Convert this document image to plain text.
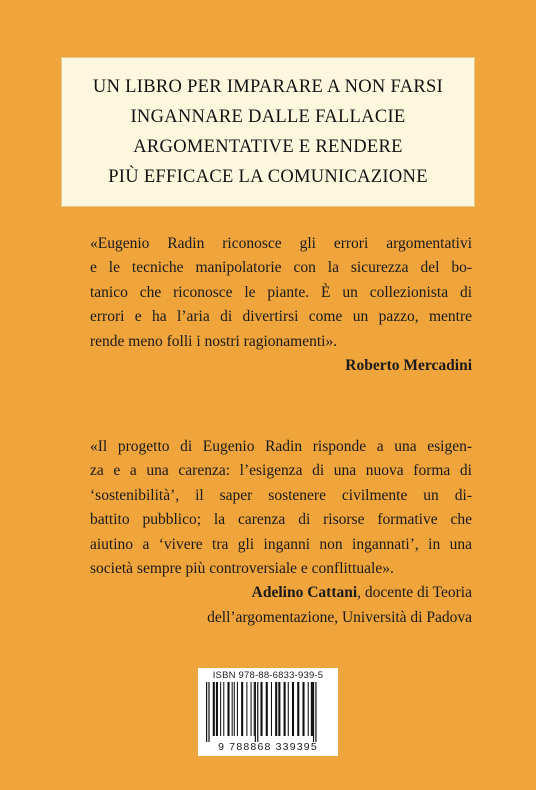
UN LIBRO PER IMPARARE A NON FARSI
INGANNARE DALLE FALLACIE
ARGOMENTATIVE E RENDERE
PIÙ EFFICACE LA COMUNICAZIONE
«Eugenio Radin riconosce gli errori argomentativi
e le tecniche manipolatorie con la sicurezza del bo-
tanico che riconosce le piante. È un collezionista di
errori e ha l’aria di divertirsi come un pazzo, mentre
rende meno folli i nostri ragionamenti».
Roberto Mercadini
«Il progetto di Eugenio Radin risponde a una esigen-
za e a una carenza: l’esigenza di una nuova forma di
‘sostenibilità’, il saper sostenere civilmente un di-
battito pubblico; la carenza di risorse formative che
aiutino a ‘vivere tra gli inganni non ingannati’, in una
società sempre più controversiale e conflittuale».
Adelino Cattani, docente di Teoria
dell’argomentazione, Università di Padova
ISBN 978-88-6833-939-5
9 788868 339395
